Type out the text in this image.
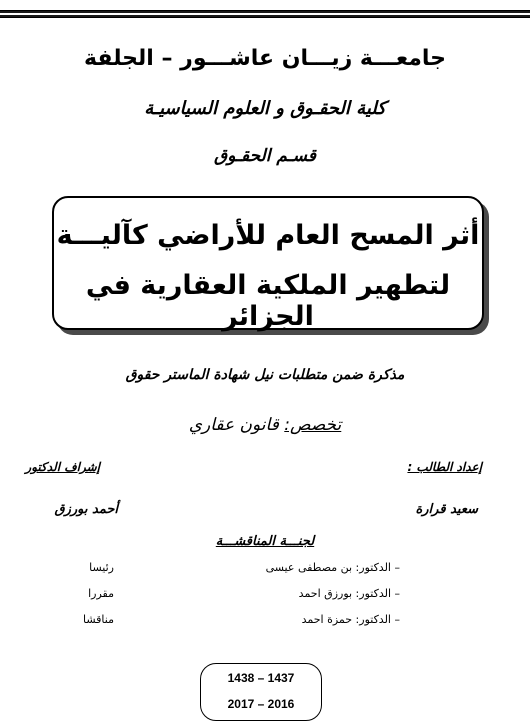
جامعـــة زيـــان عاشـــور – الجلفة
كلية الحقـوق و العلوم السياسيـة
قسـم الحقـوق
أثر المسح العام للأراضي كآليـــة
لتطهير الملكية العقارية في الجزائر
مذكرة ضمن متطلبات نيل شهادة الماستر حقوق
تخصص: قانون عقاري
إعداد الطالب :
إشراف الدكتور
سعيد قرارة
أحمد بورزق
لجنـــة المناقشـــة
– الدكتور: بن مصطفى عيسى
رئيسا
– الدكتور: بورزق احمد
مقررا
– الدكتور: حمزة احمد
مناقشا
1438 – 1437
2017 – 2016
